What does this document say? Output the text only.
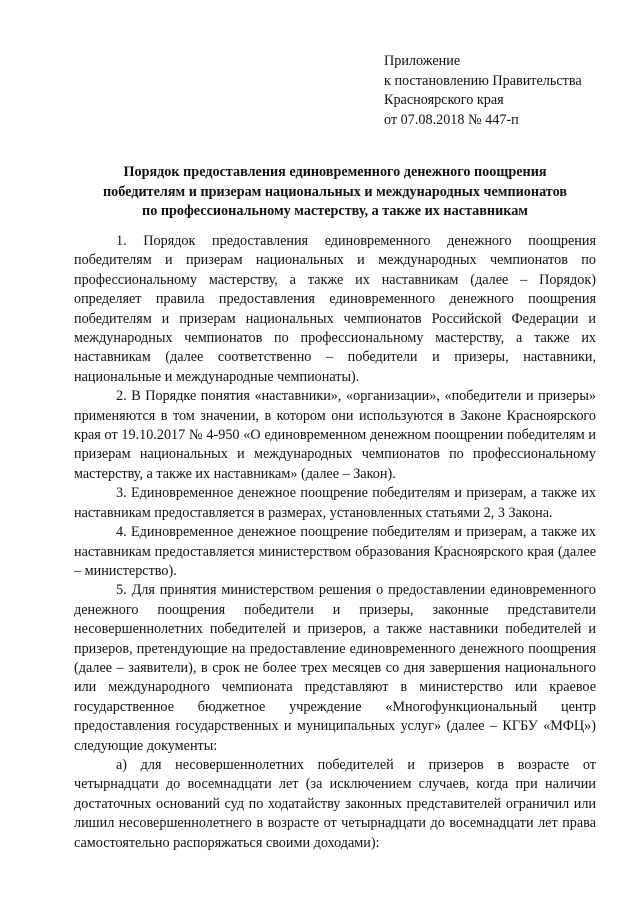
Приложение
к постановлению Правительства
Красноярского края
от 07.08.2018 № 447-п
Порядок предоставления единовременного денежного поощрения
победителям и призерам национальных и международных чемпионатов
по профессиональному мастерству, а также их наставникам

1. Порядок предоставления единовременного денежного поощрения победителям и призерам национальных и международных чемпионатов по профессиональному мастерству, а также их наставникам (далее – Порядок) определяет правила предоставления единовременного денежного поощрения победителям и призерам национальных чемпионатов Российской Федерации и международных чемпионатов по профессиональному мастерству, а также их наставникам (далее соответственно – победители и призеры, наставники, национальные и международные чемпионаты).

2. В Порядке понятия «наставники», «организации», «победители и призеры» применяются в том значении, в котором они используются в Законе Красноярского края от 19.10.2017 № 4-950 «О единовременном денежном поощрении победителям и призерам национальных и международных чемпионатов по профессиональному мастерству, а также их наставникам» (далее – Закон).

3. Единовременное денежное поощрение победителям и призерам, а также их наставникам предоставляется в размерах, установленных статьями 2, 3 Закона.

4. Единовременное денежное поощрение победителям и призерам, а также их наставникам предоставляется министерством образования Красноярского края (далее – министерство).

5. Для принятия министерством решения о предоставлении единовременного денежного поощрения победители и призеры, законные представители несовершеннолетних победителей и призеров, а также наставники победителей и призеров, претендующие на предоставление единовременного денежного поощрения (далее – заявители), в срок не более трех месяцев со дня завершения национального или международного чемпионата представляют в министерство или краевое государственное бюджетное учреждение «Многофункциональный центр предоставления государственных и муниципальных услуг» (далее – КГБУ «МФЦ») следующие документы:

а) для несовершеннолетних победителей и призеров в возрасте от четырнадцати до восемнадцати лет (за исключением случаев, когда при наличии достаточных оснований суд по ходатайству законных представителей ограничил или лишил несовершеннолетнего в возрасте от четырнадцати до восемнадцати лет права самостоятельно распоряжаться своими доходами):
